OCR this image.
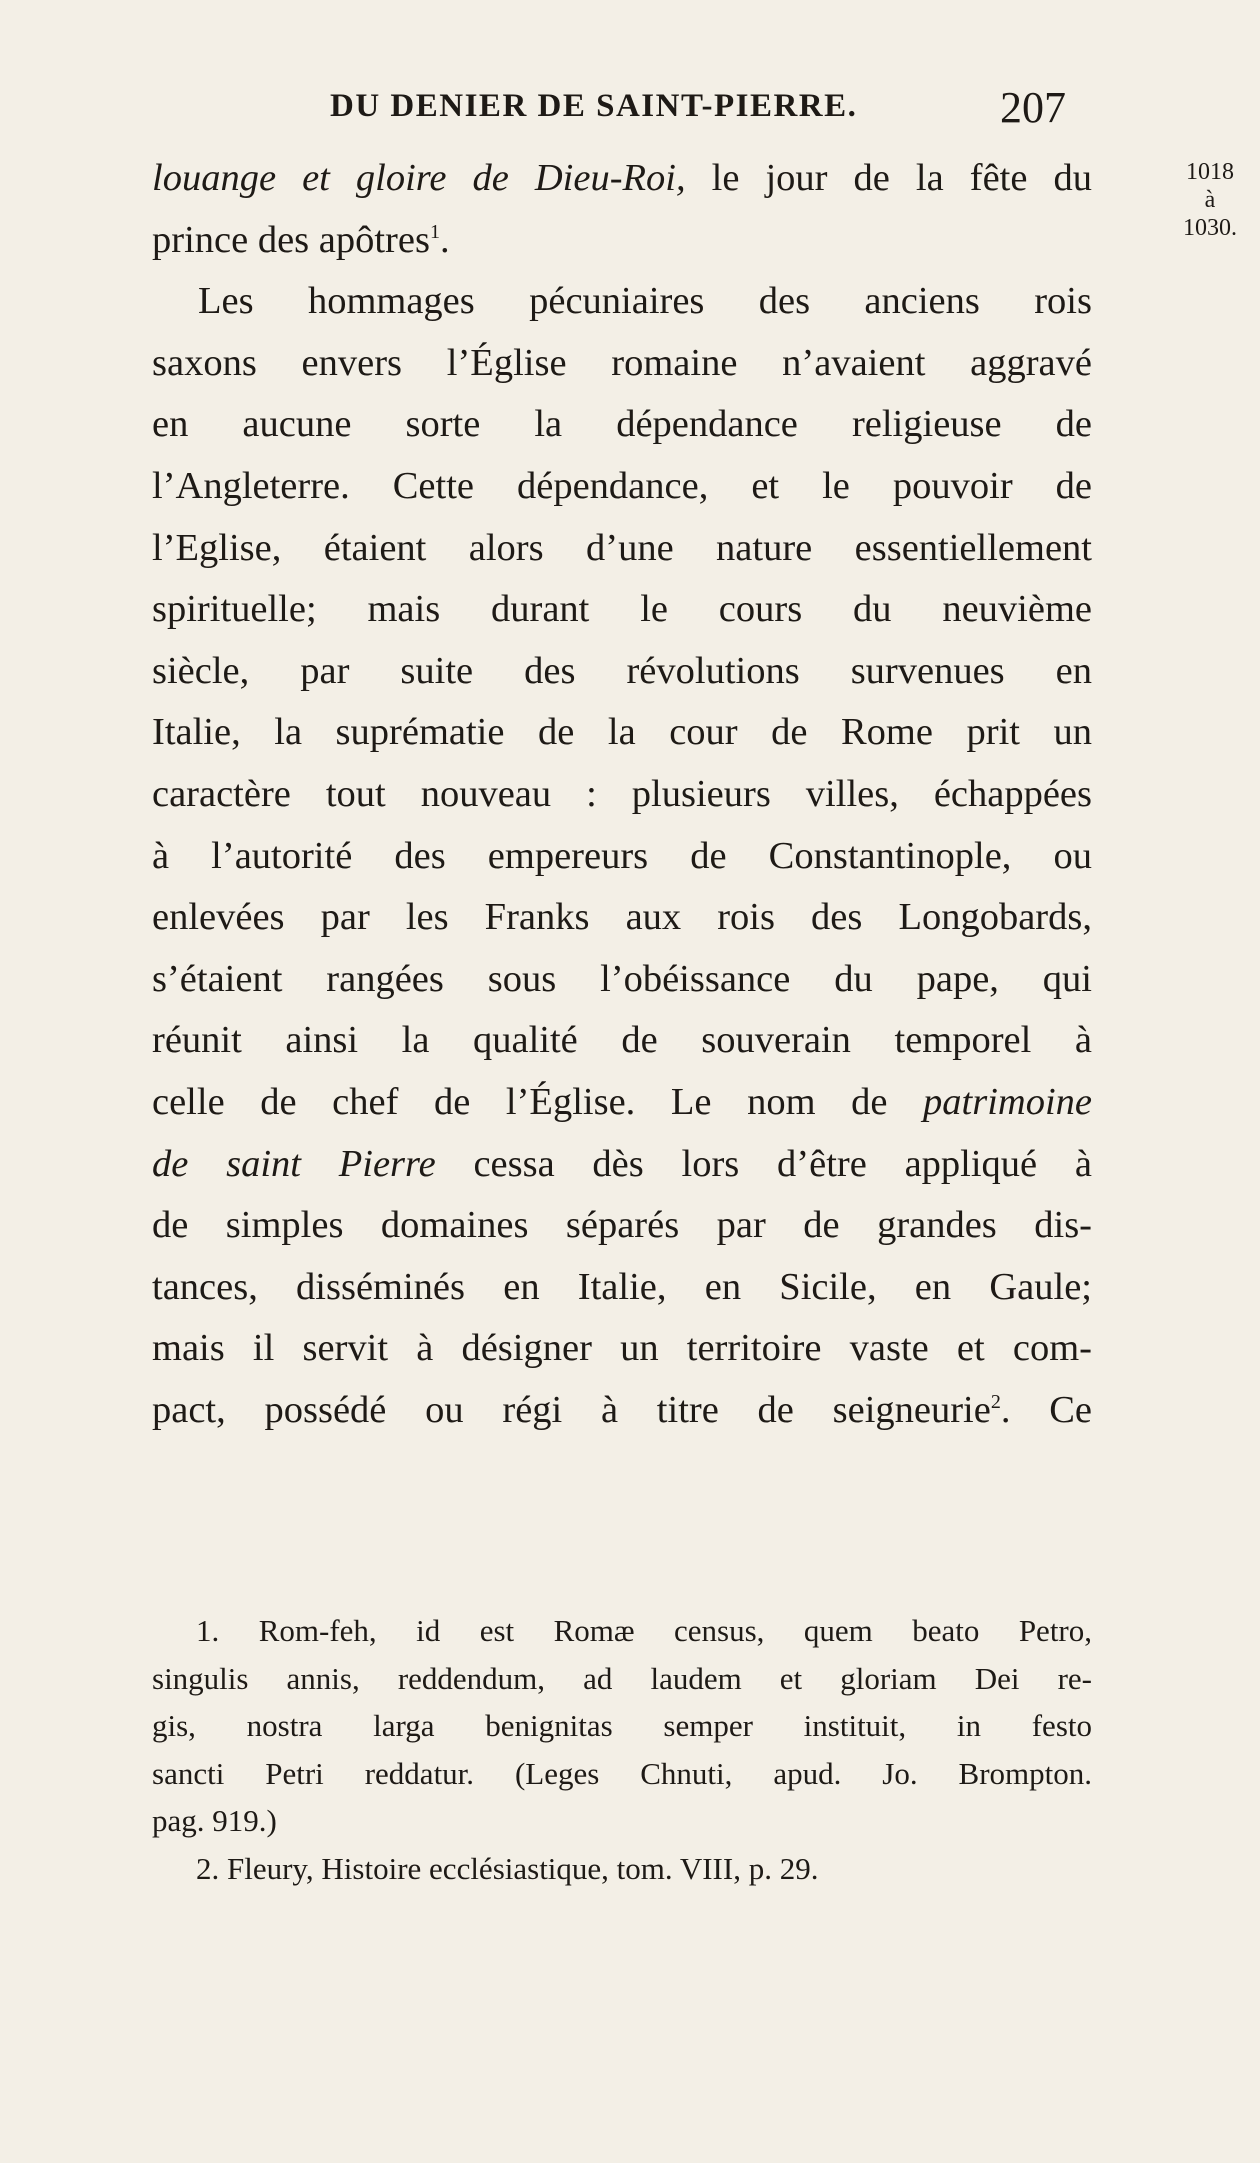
DU DENIER DE SAINT-PIERRE.	207
1018
à
1030.
louange et gloire de Dieu-Roi, le jour de la fête du
prince des apôtres$^1$.
Les hommages pécuniaires des anciens rois
saxons envers l’Église romaine n’avaient aggravé
en aucune sorte la dépendance religieuse de
l’Angleterre. Cette dépendance, et le pouvoir de
l’Eglise, étaient alors d’une nature essentiellement
spirituelle; mais durant le cours du neuvième
siècle, par suite des révolutions survenues en
Italie, la suprématie de la cour de Rome prit un
caractère tout nouveau : plusieurs villes, échappées
à l’autorité des empereurs de Constantinople, ou
enlevées par les Franks aux rois des Longobards,
s’étaient rangées sous l’obéissance du pape, qui
réunit ainsi la qualité de souverain temporel à
celle de chef de l’Église. Le nom de patrimoine
de saint Pierre cessa dès lors d’être appliqué à
de simples domaines séparés par de grandes dis-
tances, disséminés en Italie, en Sicile, en Gaule;
mais il servit à désigner un territoire vaste et com-
pact, possédé ou régi à titre de seigneurie$^2$. Ce
1. Rom-feh, id est Romæ census, quem beato Petro,
singulis annis, reddendum, ad laudem et gloriam Dei re-
gis, nostra larga benignitas semper instituit, in festo
sancti Petri reddatur. (Leges Chnuti, apud. Jo. Brompton.
pag. 919.)
2. Fleury, Histoire ecclésiastique, tom. VIII, p. 29.
